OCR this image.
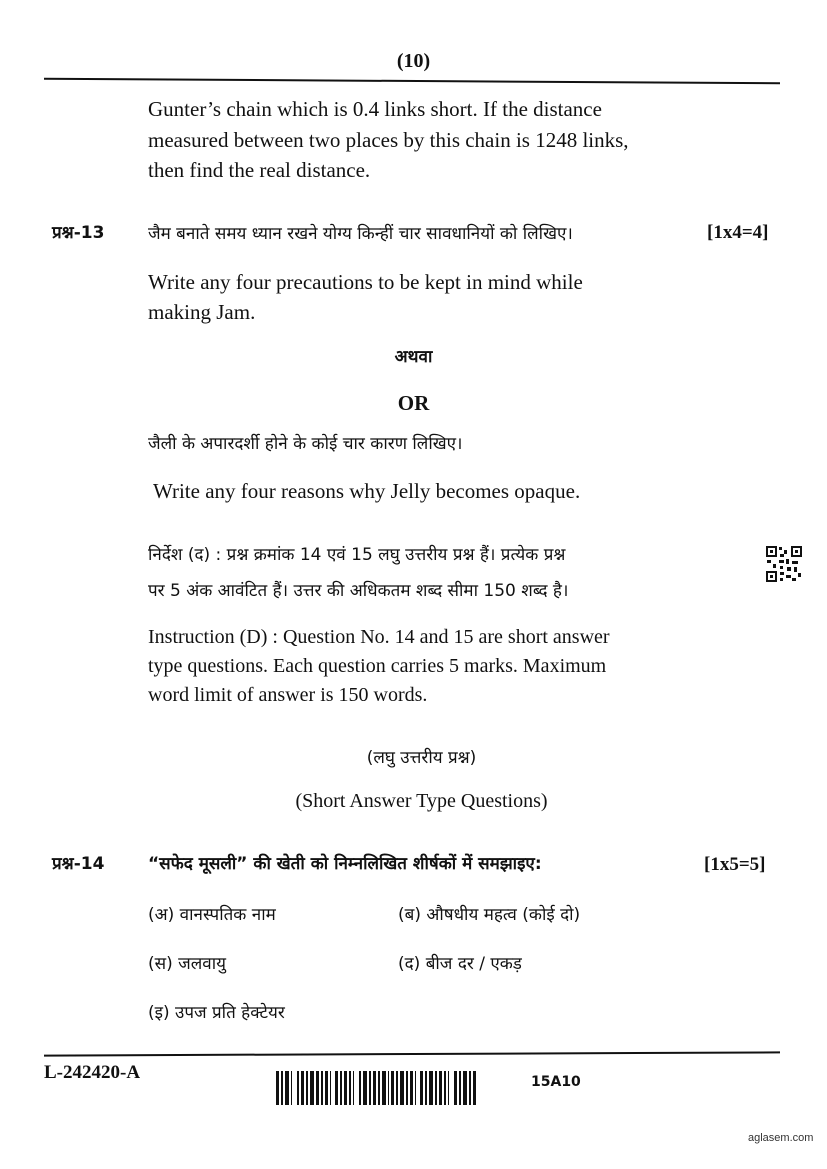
(10)
Gunter’s chain which is 0.4 links short. If the distance
measured between two places by this chain is 1248 links,
then find the real distance.
प्रश्न-13	जैम बनाते समय ध्यान रखने योग्य किन्हीं चार सावधानियों को लिखिए।	[1x4=4]
Write any four precautions to be kept in mind while
making Jam.
अथवा
OR
जैली के अपारदर्शी होने के कोई चार कारण लिखिए।
Write any four reasons why Jelly becomes opaque.
निर्देश (द) : प्रश्न क्रमांक 14 एवं 15 लघु उत्तरीय प्रश्न हैं। प्रत्येक प्रश्न
पर 5 अंक आवंटित हैं। उत्तर की अधिकतम शब्द सीमा 150 शब्द है।
Instruction (D) : Question No. 14 and 15 are short answer
type questions. Each question carries 5 marks. Maximum
word limit of answer is 150 words.
(लघु उत्तरीय प्रश्न)
(Short Answer Type Questions)
प्रश्न-14	“सफेद मूसली” की खेती को निम्नलिखित शीर्षकों में समझाइए:	[1x5=5]
(अ) वानस्पतिक नाम	(ब) औषधीय महत्व (कोई दो)
(स) जलवायु	(द) बीज दर / एकड़
(इ) उपज प्रति हेक्टेयर
L-242420-A	15A10
aglasem.com
